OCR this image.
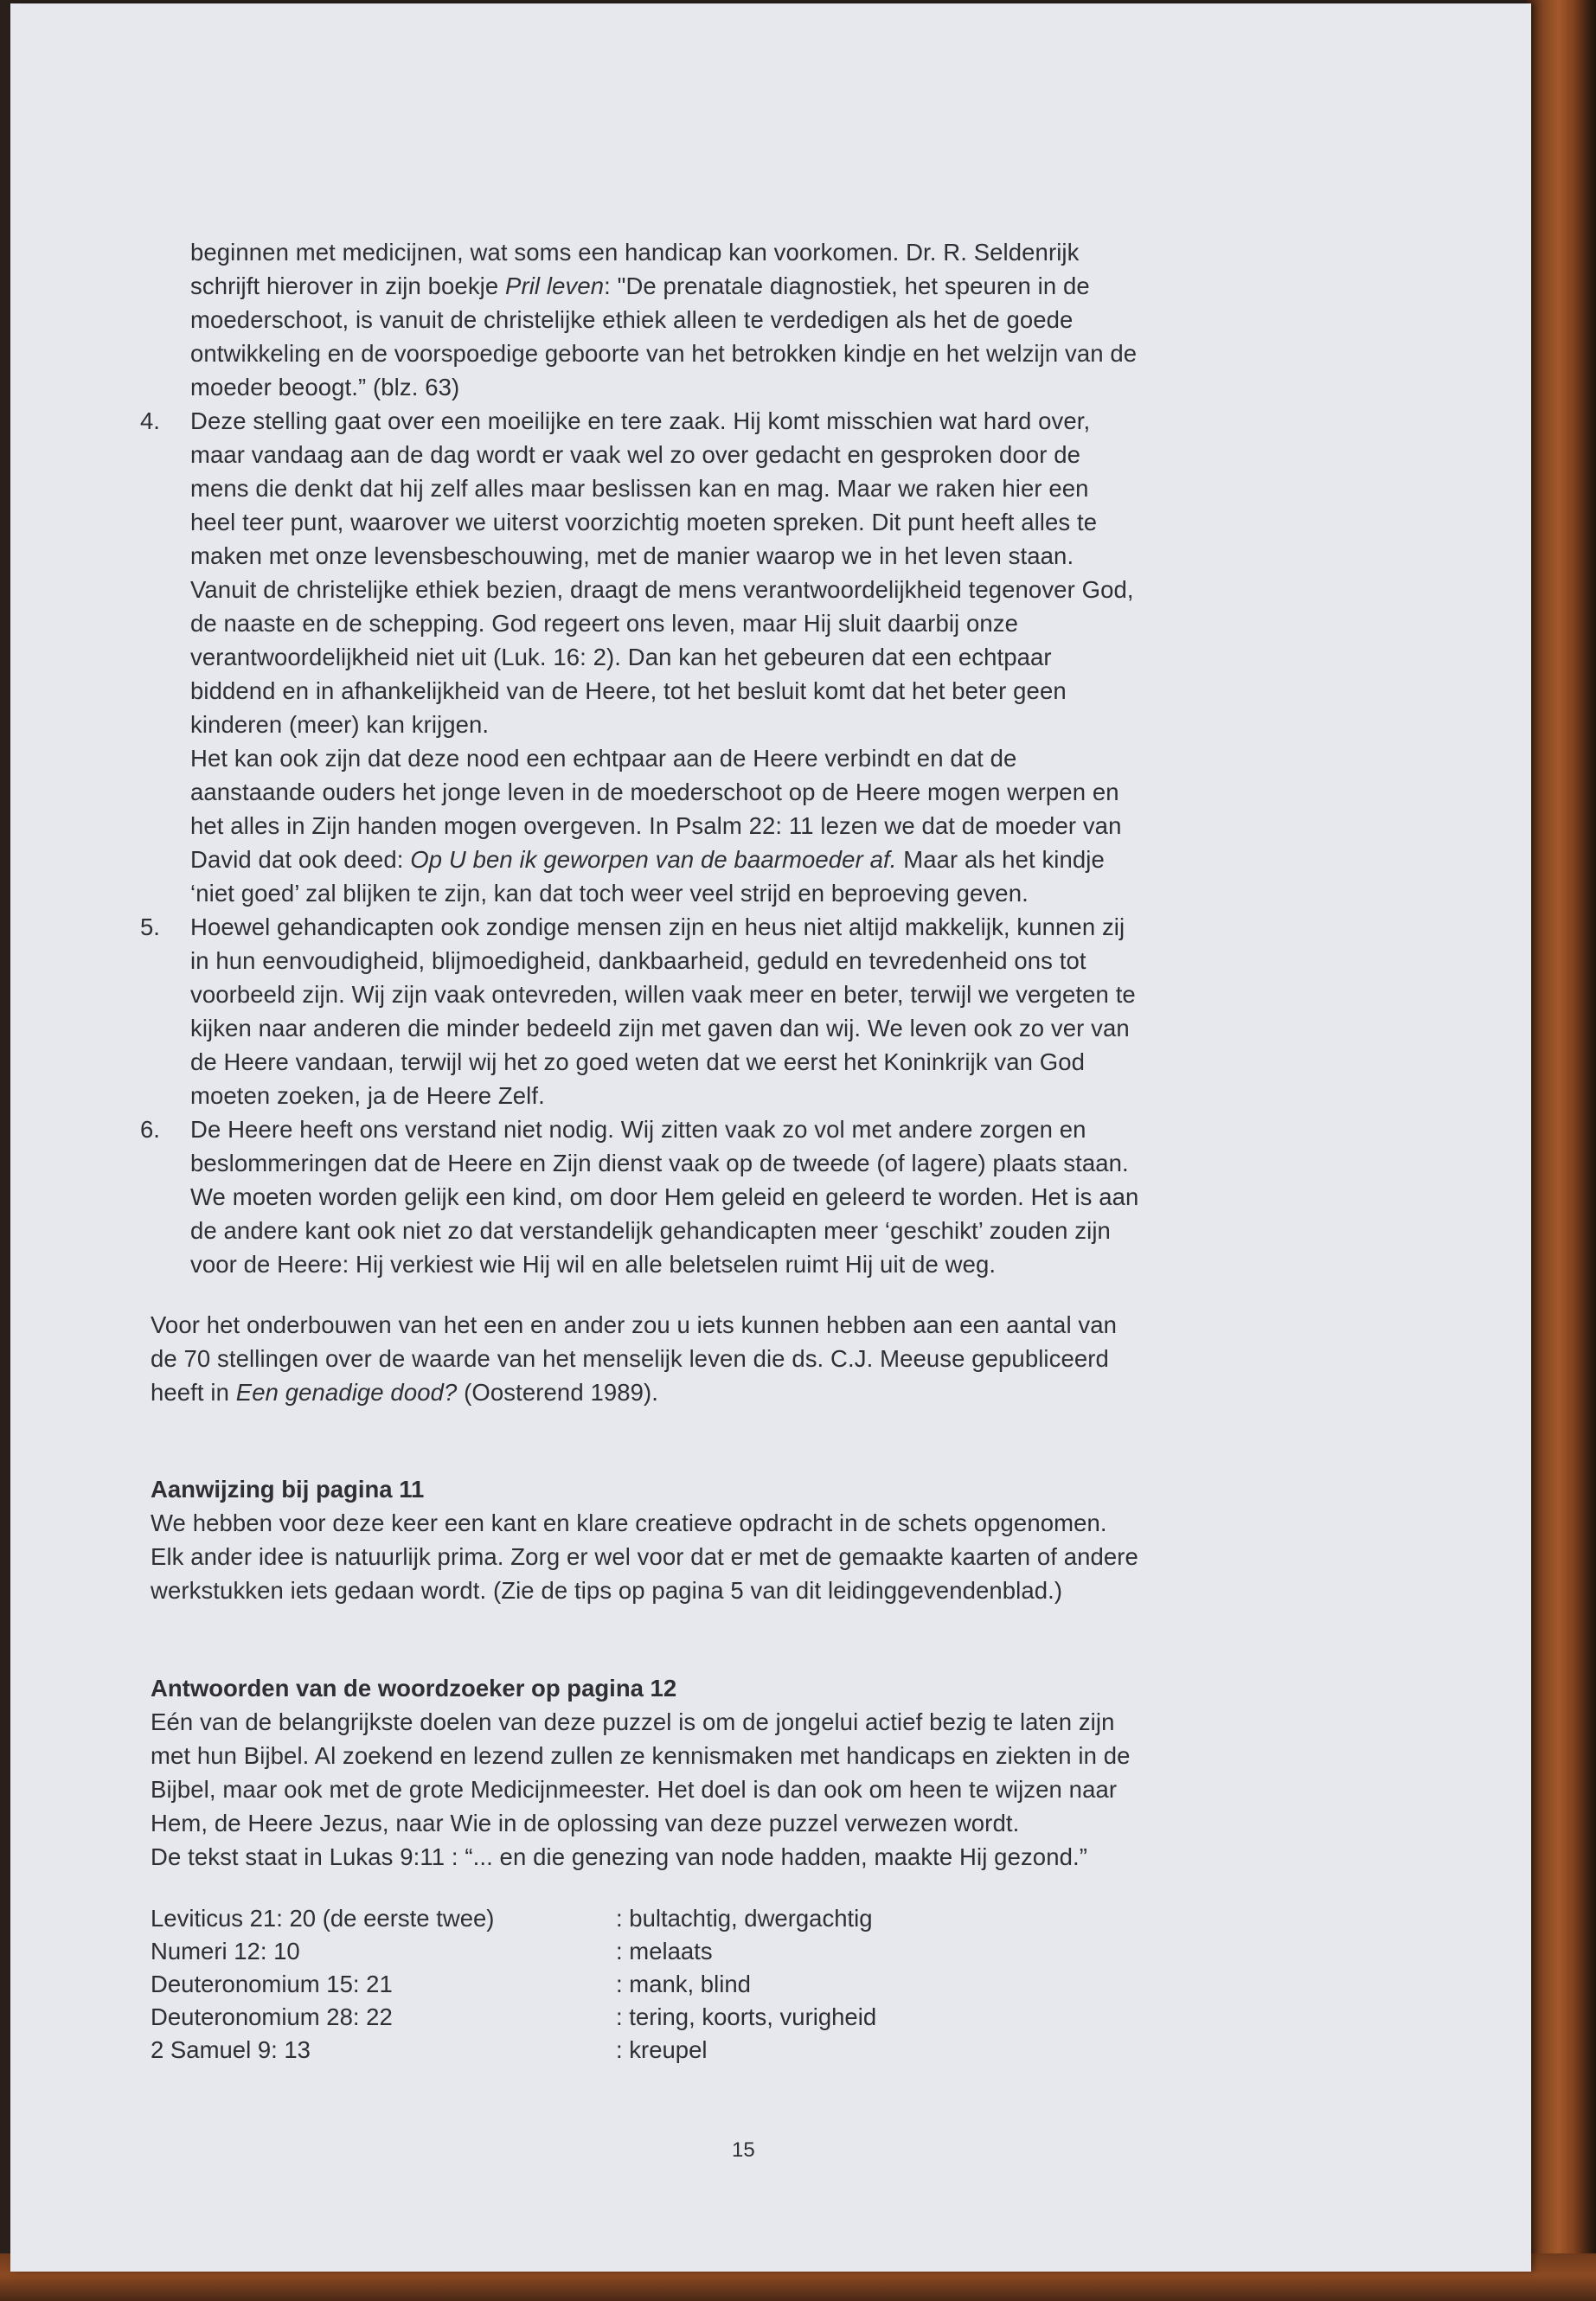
beginnen met medicijnen, wat soms een handicap kan voorkomen. Dr. R. Seldenrijk
schrijft hierover in zijn boekje Pril leven: "De prenatale diagnostiek, het speuren in de
moederschoot, is vanuit de christelijke ethiek alleen te verdedigen als het de goede
ontwikkeling en de voorspoedige geboorte van het betrokken kindje en het welzijn van de
moeder beoogt.” (blz. 63)
4. Deze stelling gaat over een moeilijke en tere zaak. Hij komt misschien wat hard over,
maar vandaag aan de dag wordt er vaak wel zo over gedacht en gesproken door de
mens die denkt dat hij zelf alles maar beslissen kan en mag. Maar we raken hier een
heel teer punt, waarover we uiterst voorzichtig moeten spreken. Dit punt heeft alles te
maken met onze levensbeschouwing, met de manier waarop we in het leven staan.
Vanuit de christelijke ethiek bezien, draagt de mens verantwoordelijkheid tegenover God,
de naaste en de schepping. God regeert ons leven, maar Hij sluit daarbij onze
verantwoordelijkheid niet uit (Luk. 16: 2). Dan kan het gebeuren dat een echtpaar
biddend en in afhankelijkheid van de Heere, tot het besluit komt dat het beter geen
kinderen (meer) kan krijgen.
Het kan ook zijn dat deze nood een echtpaar aan de Heere verbindt en dat de
aanstaande ouders het jonge leven in de moederschoot op de Heere mogen werpen en
het alles in Zijn handen mogen overgeven. In Psalm 22: 11 lezen we dat de moeder van
David dat ook deed: Op U ben ik geworpen van de baarmoeder af. Maar als het kindje
‘niet goed’ zal blijken te zijn, kan dat toch weer veel strijd en beproeving geven.
5. Hoewel gehandicapten ook zondige mensen zijn en heus niet altijd makkelijk, kunnen zij
in hun eenvoudigheid, blijmoedigheid, dankbaarheid, geduld en tevredenheid ons tot
voorbeeld zijn. Wij zijn vaak ontevreden, willen vaak meer en beter, terwijl we vergeten te
kijken naar anderen die minder bedeeld zijn met gaven dan wij. We leven ook zo ver van
de Heere vandaan, terwijl wij het zo goed weten dat we eerst het Koninkrijk van God
moeten zoeken, ja de Heere Zelf.
6. De Heere heeft ons verstand niet nodig. Wij zitten vaak zo vol met andere zorgen en
beslommeringen dat de Heere en Zijn dienst vaak op de tweede (of lagere) plaats staan.
We moeten worden gelijk een kind, om door Hem geleid en geleerd te worden. Het is aan
de andere kant ook niet zo dat verstandelijk gehandicapten meer ‘geschikt’ zouden zijn
voor de Heere: Hij verkiest wie Hij wil en alle beletselen ruimt Hij uit de weg.
Voor het onderbouwen van het een en ander zou u iets kunnen hebben aan een aantal van
de 70 stellingen over de waarde van het menselijk leven die ds. C.J. Meeuse gepubliceerd
heeft in Een genadige dood? (Oosterend 1989).
Aanwijzing bij pagina 11
We hebben voor deze keer een kant en klare creatieve opdracht in de schets opgenomen.
Elk ander idee is natuurlijk prima. Zorg er wel voor dat er met de gemaakte kaarten of andere
werkstukken iets gedaan wordt. (Zie de tips op pagina 5 van dit leidinggevendenblad.)
Antwoorden van de woordzoeker op pagina 12
Eén van de belangrijkste doelen van deze puzzel is om de jongelui actief bezig te laten zijn
met hun Bijbel. Al zoekend en lezend zullen ze kennismaken met handicaps en ziekten in de
Bijbel, maar ook met de grote Medicijnmeester. Het doel is dan ook om heen te wijzen naar
Hem, de Heere Jezus, naar Wie in de oplossing van deze puzzel verwezen wordt.
De tekst staat in Lukas 9:11 : “... en die genezing van node hadden, maakte Hij gezond.”
Leviticus 21: 20 (de eerste twee)	: bultachtig, dwergachtig
Numeri 12: 10	: melaats
Deuteronomium 15: 21	: mank, blind
Deuteronomium 28: 22	: tering, koorts, vurigheid
2 Samuel 9: 13	: kreupel
15
